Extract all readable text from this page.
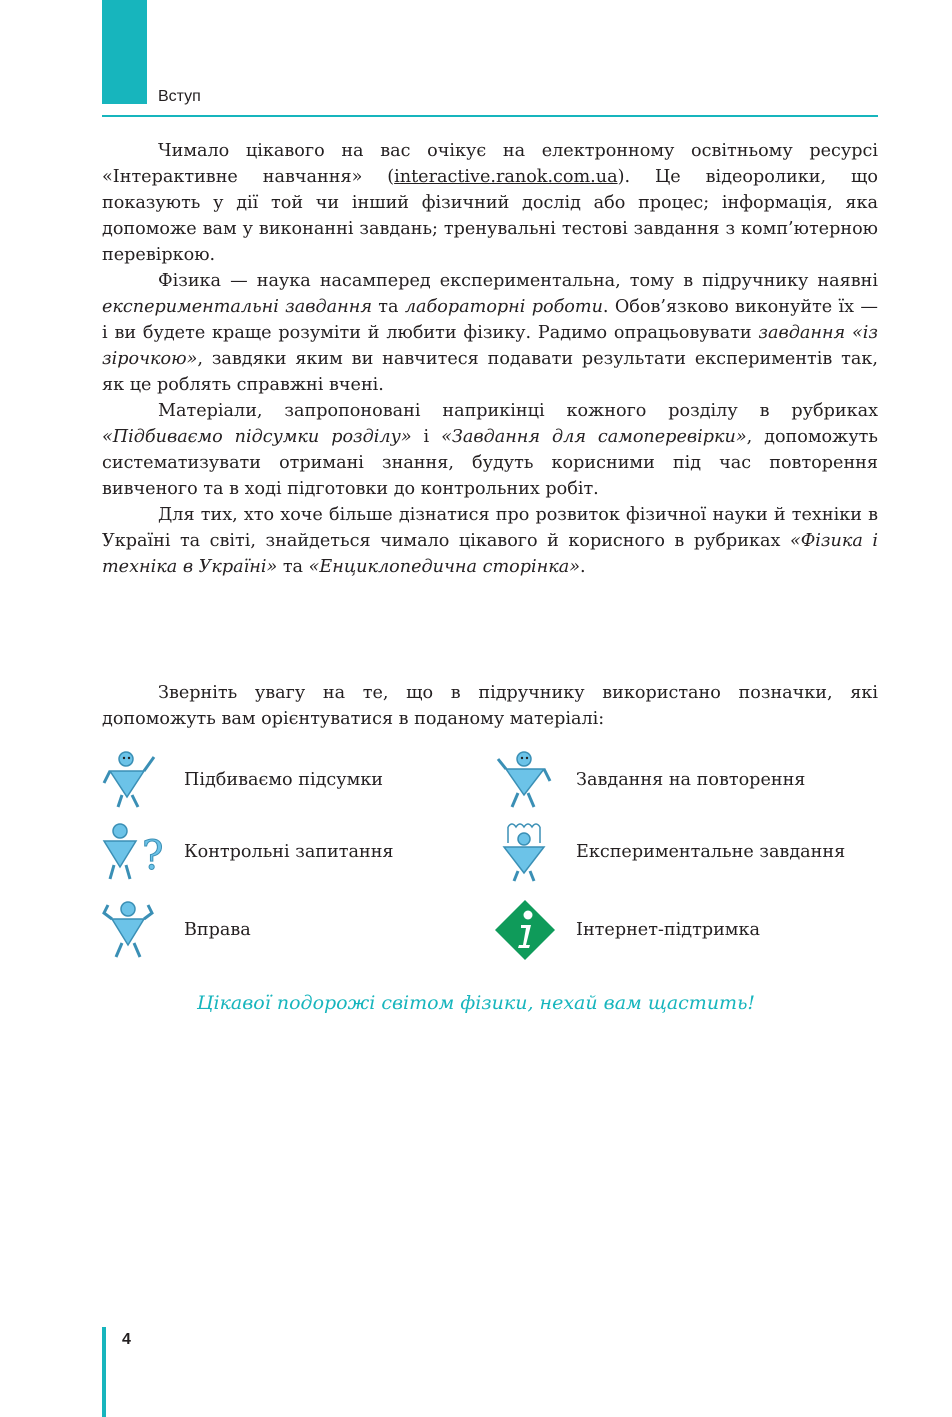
Вступ

Чимало цікавого на вас очікує на електронному освітньому ресурсі «Інтерактивне навчання» (interactive.ranok.com.ua). Це відеоролики, що показують у дії той чи інший фізичний дослід або процес; інформація, яка допоможе вам у виконанні завдань; тренувальні тестові завдання з комп’ютерною перевіркою.

Фізика — наука насамперед експериментальна, тому в підручнику наявні експериментальні завдання та лабораторні роботи. Обов’язково виконуйте їх — і ви будете краще розуміти й любити фізику. Радимо опрацьовувати завдання «із зірочкою», завдяки яким ви навчитеся подавати результати експериментів так, як це роблять справжні вчені.

Матеріали, запропоновані наприкінці кожного розділу в рубриках «Підбиваємо підсумки розділу» і «Завдання для самоперевірки», допоможуть систематизувати отримані знання, будуть корисними під час повторення вивченого та в ході підготовки до контрольних робіт.

Для тих, хто хоче більше дізнатися про розвиток фізичної науки й техніки в Україні та світі, знайдеться чимало цікавого й корисного в рубриках «Фізика і техніка в Україні» та «Енциклопедична сторінка».

Зверніть увагу на те, що в підручнику використано позначки, які допоможуть вам орієнтуватися в поданому матеріалі:

Підбиваємо підсумки	Завдання на повторення
? Контрольні запитання	Експериментальне завдання
Вправа	Інтернет-підтримка
Цікавої подорожі світом фізики, нехай вам щастить!
4
